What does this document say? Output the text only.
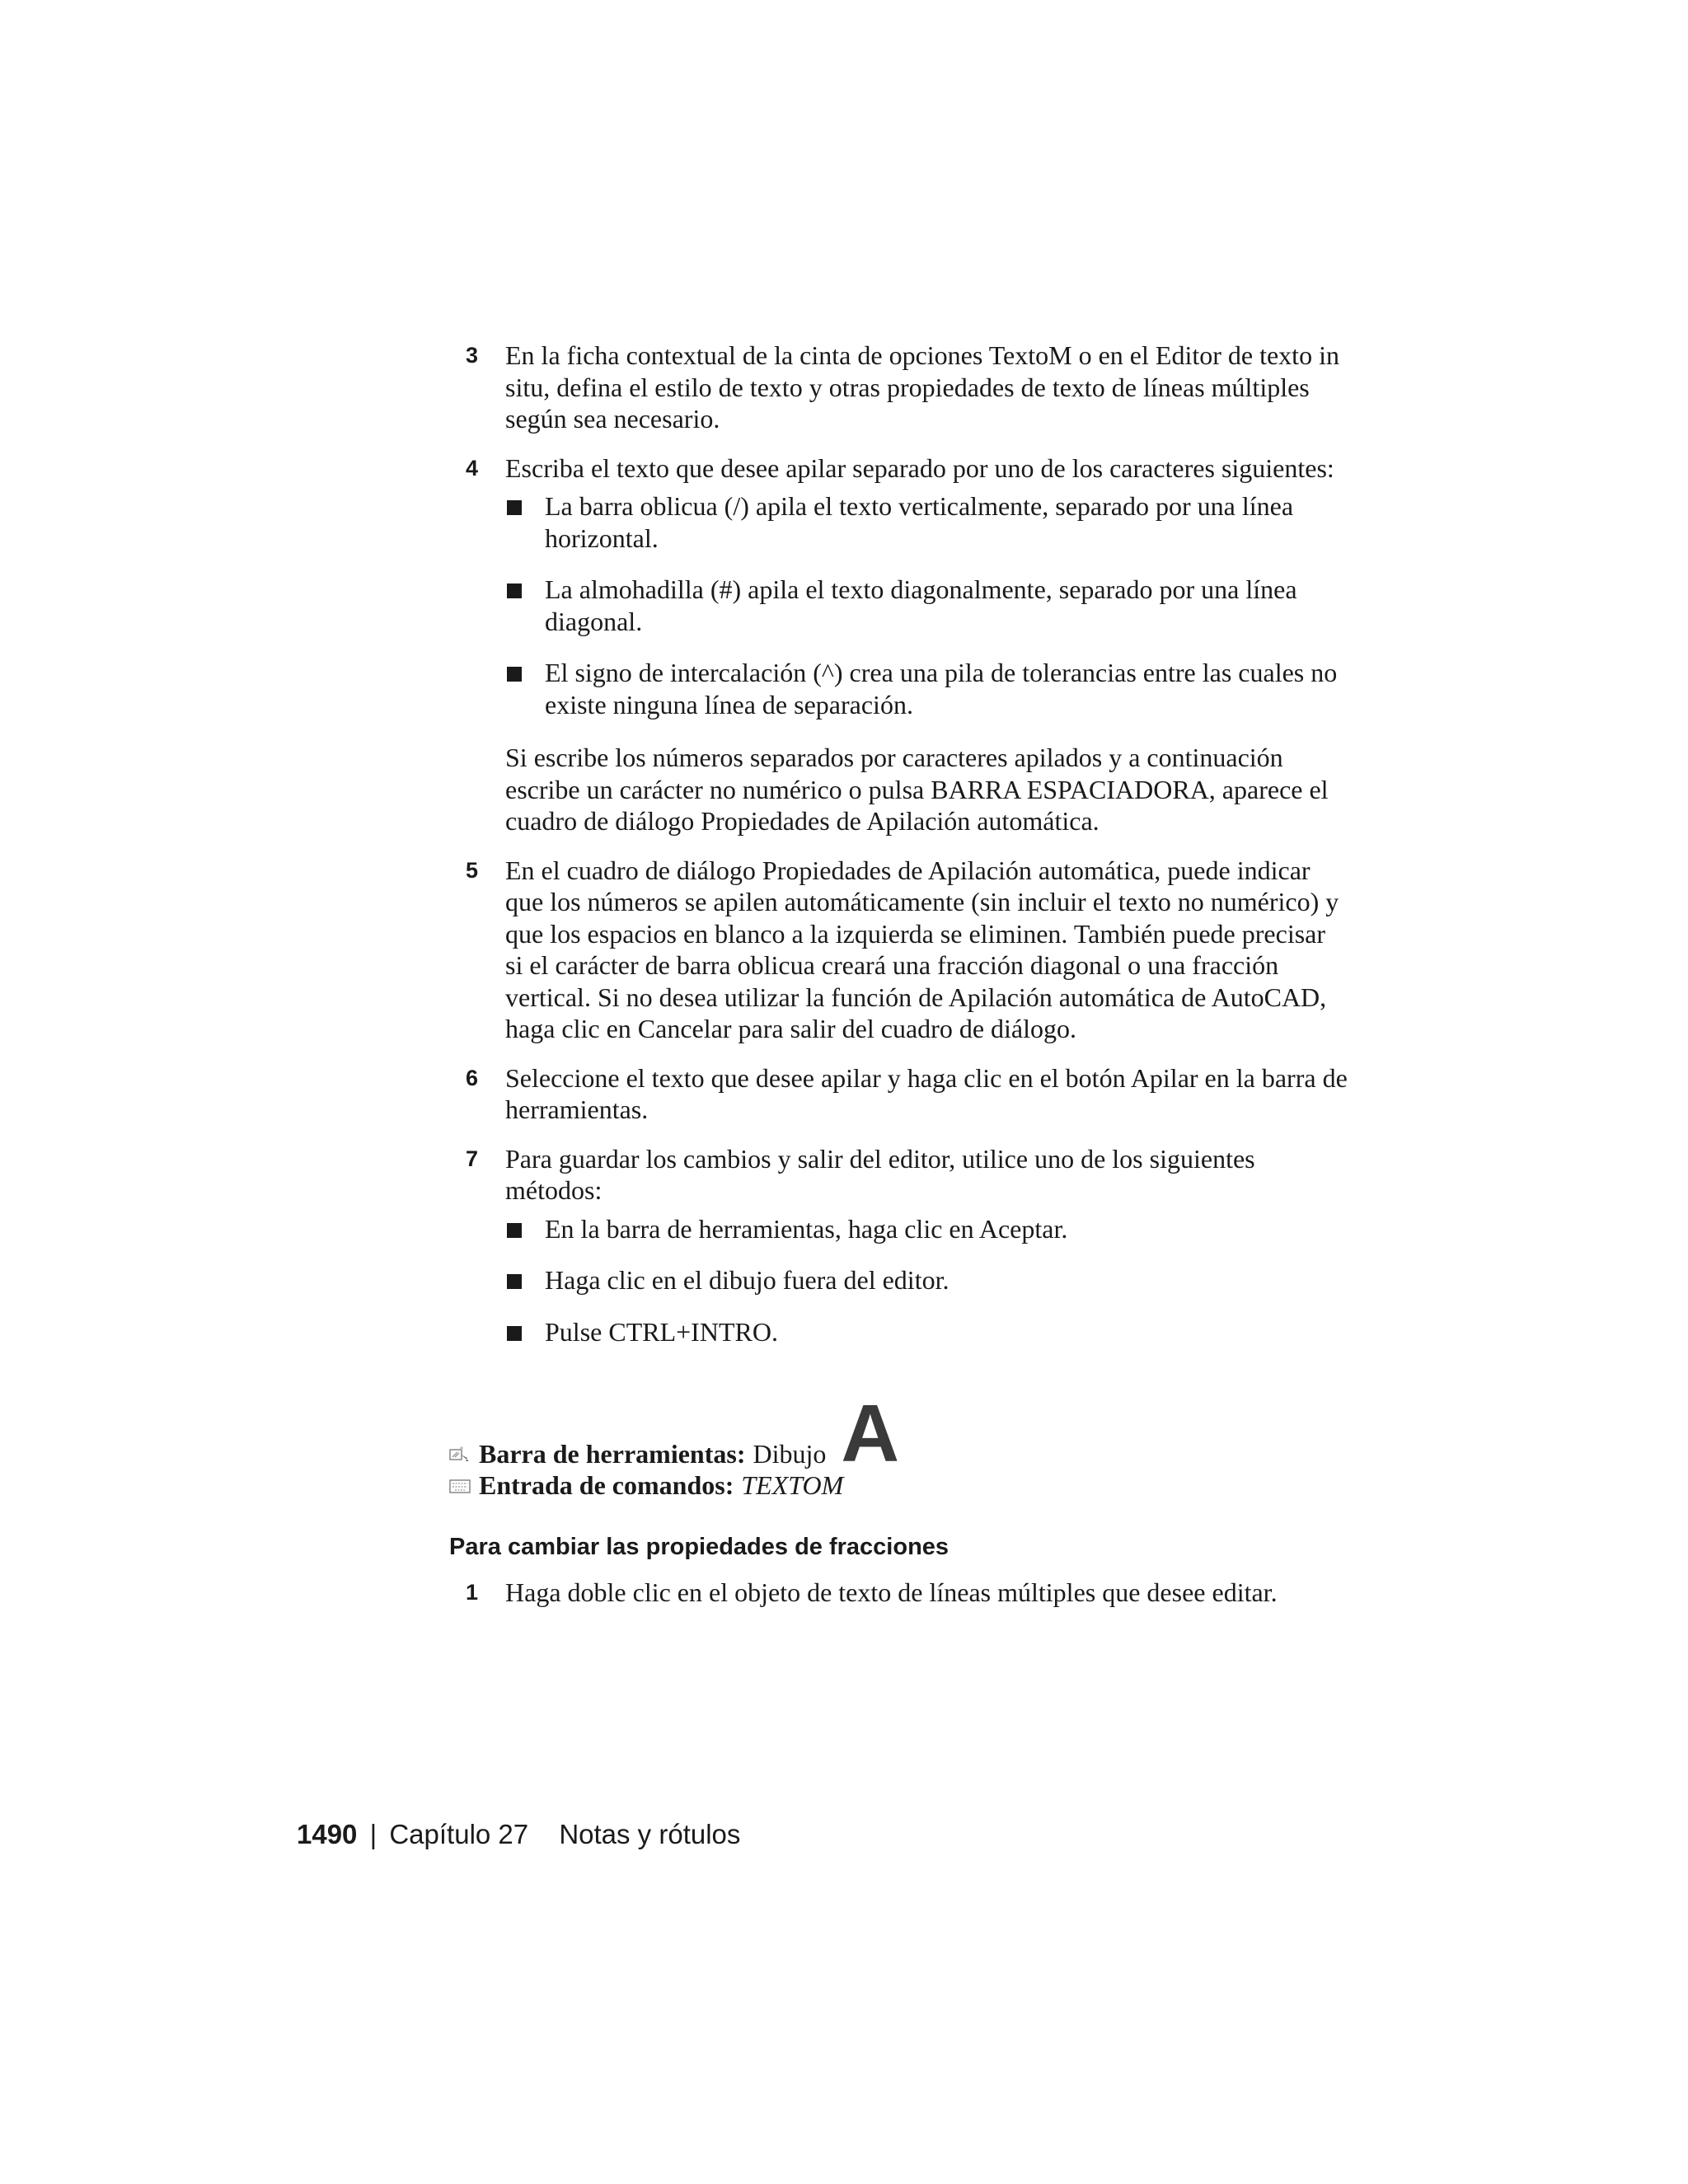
3 En la ficha contextual de la cinta de opciones TextoM o en el Editor de texto in situ, defina el estilo de texto y otras propiedades de texto de líneas múltiples según sea necesario.
4 Escriba el texto que desee apilar separado por uno de los caracteres siguientes:
La barra oblicua (/) apila el texto verticalmente, separado por una línea horizontal.
La almohadilla (#) apila el texto diagonalmente, separado por una línea diagonal.
El signo de intercalación (^) crea una pila de tolerancias entre las cuales no existe ninguna línea de separación.
Si escribe los números separados por caracteres apilados y a continuación escribe un carácter no numérico o pulsa BARRA ESPACIADORA, aparece el cuadro de diálogo Propiedades de Apilación automática.
5 En el cuadro de diálogo Propiedades de Apilación automática, puede indicar que los números se apilen automáticamente (sin incluir el texto no numérico) y que los espacios en blanco a la izquierda se eliminen. También puede precisar si el carácter de barra oblicua creará una fracción diagonal o una fracción vertical. Si no desea utilizar la función de Apilación automática de AutoCAD, haga clic en Cancelar para salir del cuadro de diálogo.
6 Seleccione el texto que desee apilar y haga clic en el botón Apilar en la barra de herramientas.
7 Para guardar los cambios y salir del editor, utilice uno de los siguientes métodos:
En la barra de herramientas, haga clic en Aceptar.
Haga clic en el dibujo fuera del editor.
Pulse CTRL+INTRO.
Barra de herramientas: Dibujo A
Entrada de comandos: TEXTOM
Para cambiar las propiedades de fracciones
1 Haga doble clic en el objeto de texto de líneas múltiples que desee editar.
1490 | Capítulo 27 Notas y rótulos
